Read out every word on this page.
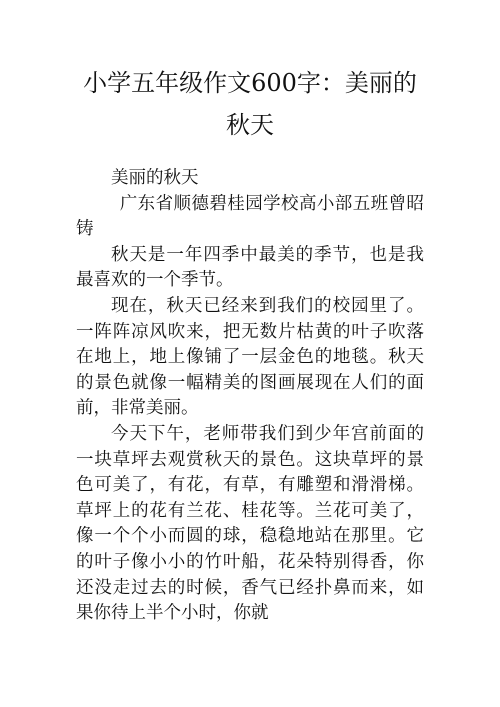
小学五年级作文600字：美丽的秋天

美丽的秋天

广东省顺德碧桂园学校高小部五班曾昭铸

秋天是一年四季中最美的季节，也是我最喜欢的一个季节。

现在，秋天已经来到我们的校园里了。一阵阵凉风吹来，把无数片枯黄的叶子吹落在地上，地上像铺了一层金色的地毯。秋天的景色就像一幅精美的图画展现在人们的面前，非常美丽。

今天下午，老师带我们到少年宫前面的一块草坪去观赏秋天的景色。这块草坪的景色可美了，有花，有草，有雕塑和滑滑梯。草坪上的花有兰花、桂花等。兰花可美了，像一个个小而圆的球，稳稳地站在那里。它的叶子像小小的竹叶船，花朵特别得香，你还没走过去的时候，香气已经扑鼻而来，如果你待上半个小时，你就
